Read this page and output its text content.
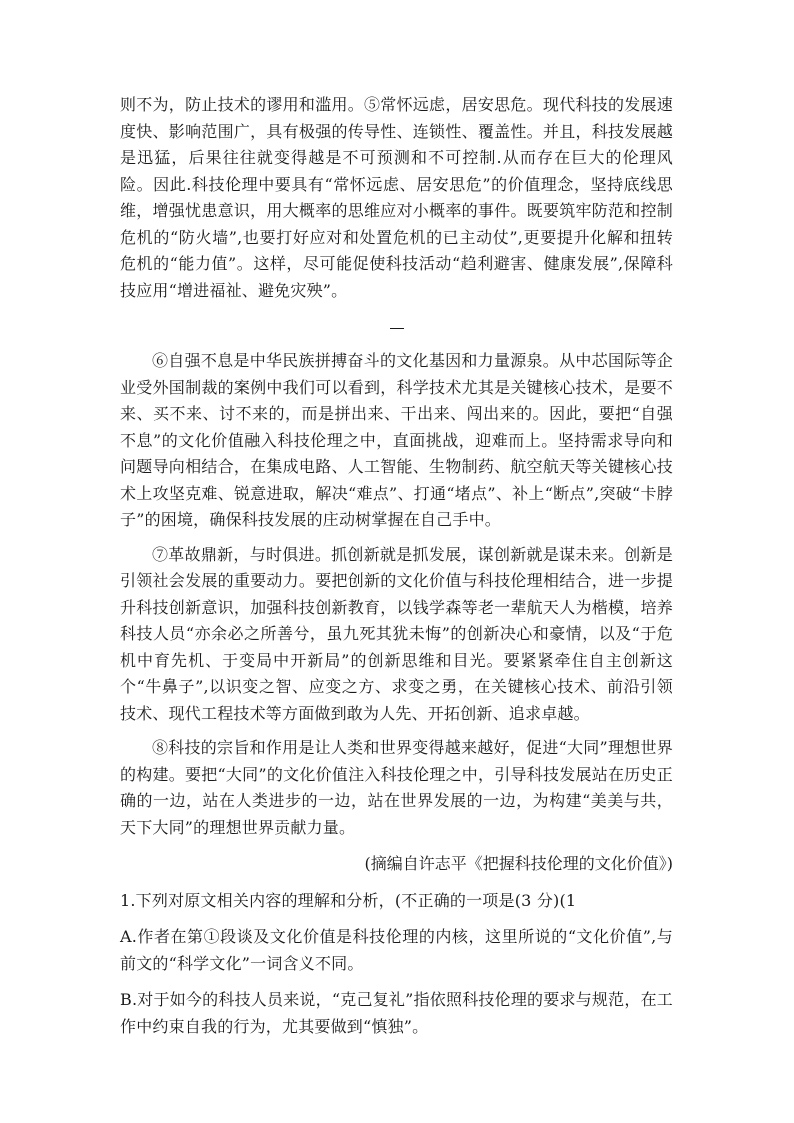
则不为，防止技术的谬用和滥用。⑤常怀远虑，居安思危。现代科技的发展速度快、影响范围广，具有极强的传导性、连锁性、覆盖性。并且，科技发展越是迅猛，后果往往就变得越是不可预测和不可控制.从而存在巨大的伦理风险。因此.科技伦理中要具有“常怀远虑、居安思危”的价值理念，坚持底线思维，增强忧患意识，用大概率的思维应对小概率的事件。既要筑牢防范和控制危机的“防火墙”,也要打好应对和处置危机的已主动仗”,更要提升化解和扭转危机的“能力值”。这样，尽可能促使科技活动“趋利避害、健康发展”,保障科技应用“增进福祉、避免灾殃”。

⑥自强不息是中华民族拼搏奋斗的文化基因和力量源泉。从中芯国际等企业受外国制裁的案例中我们可以看到，科学技术尤其是关键核心技术，是要不来、买不来、讨不来的，而是拼出来、干出来、闯出来的。因此，要把“自强不息”的文化价值融入科技伦理之中，直面挑战，迎难而上。坚持需求导向和问题导向相结合，在集成电路、人工智能、生物制药、航空航天等关键核心技术上攻坚克难、锐意进取，解决“难点”、打通“堵点”、补上“断点”,突破“卡脖子”的困境，确保科技发展的庄动树掌握在自己手中。

⑦革故鼎新，与时俱进。抓创新就是抓发展，谋创新就是谋未来。创新是引领社会发展的重要动力。要把创新的文化价值与科技伦理相结合，进一步提升科技创新意识，加强科技创新教育，以钱学森等老一辈航天人为楷模，培养科技人员“亦余必之所善兮，虽九死其犹未悔”的创新决心和豪情，以及“于危机中育先机、于变局中开新局”的创新思维和目光。要紧紧牵住自主创新这个“牛鼻子”,以识变之智、应变之方、求变之勇，在关键核心技术、前沿引领技术、现代工程技术等方面做到敢为人先、开拓创新、追求卓越。

⑧科技的宗旨和作用是让人类和世界变得越来越好，促进“大同”理想世界的构建。要把“大同”的文化价值注入科技伦理之中，引导科技发展站在历史正确的一边，站在人类进步的一边，站在世界发展的一边，为构建“美美与共，天下大同”的理想世界贡献力量。

(摘编自许志平《把握科技伦理的文化价值》)

1.下列对原文相关内容的理解和分析，(不正确的一项是(3 分)(1

A.作者在第①段谈及文化价值是科技伦理的内核，这里所说的“文化价值”,与前文的“科学文化”一词含义不同。

B.对于如今的科技人员来说，“克己复礼”指依照科技伦理的要求与规范，在工作中约束自我的行为，尤其要做到“慎独”。
